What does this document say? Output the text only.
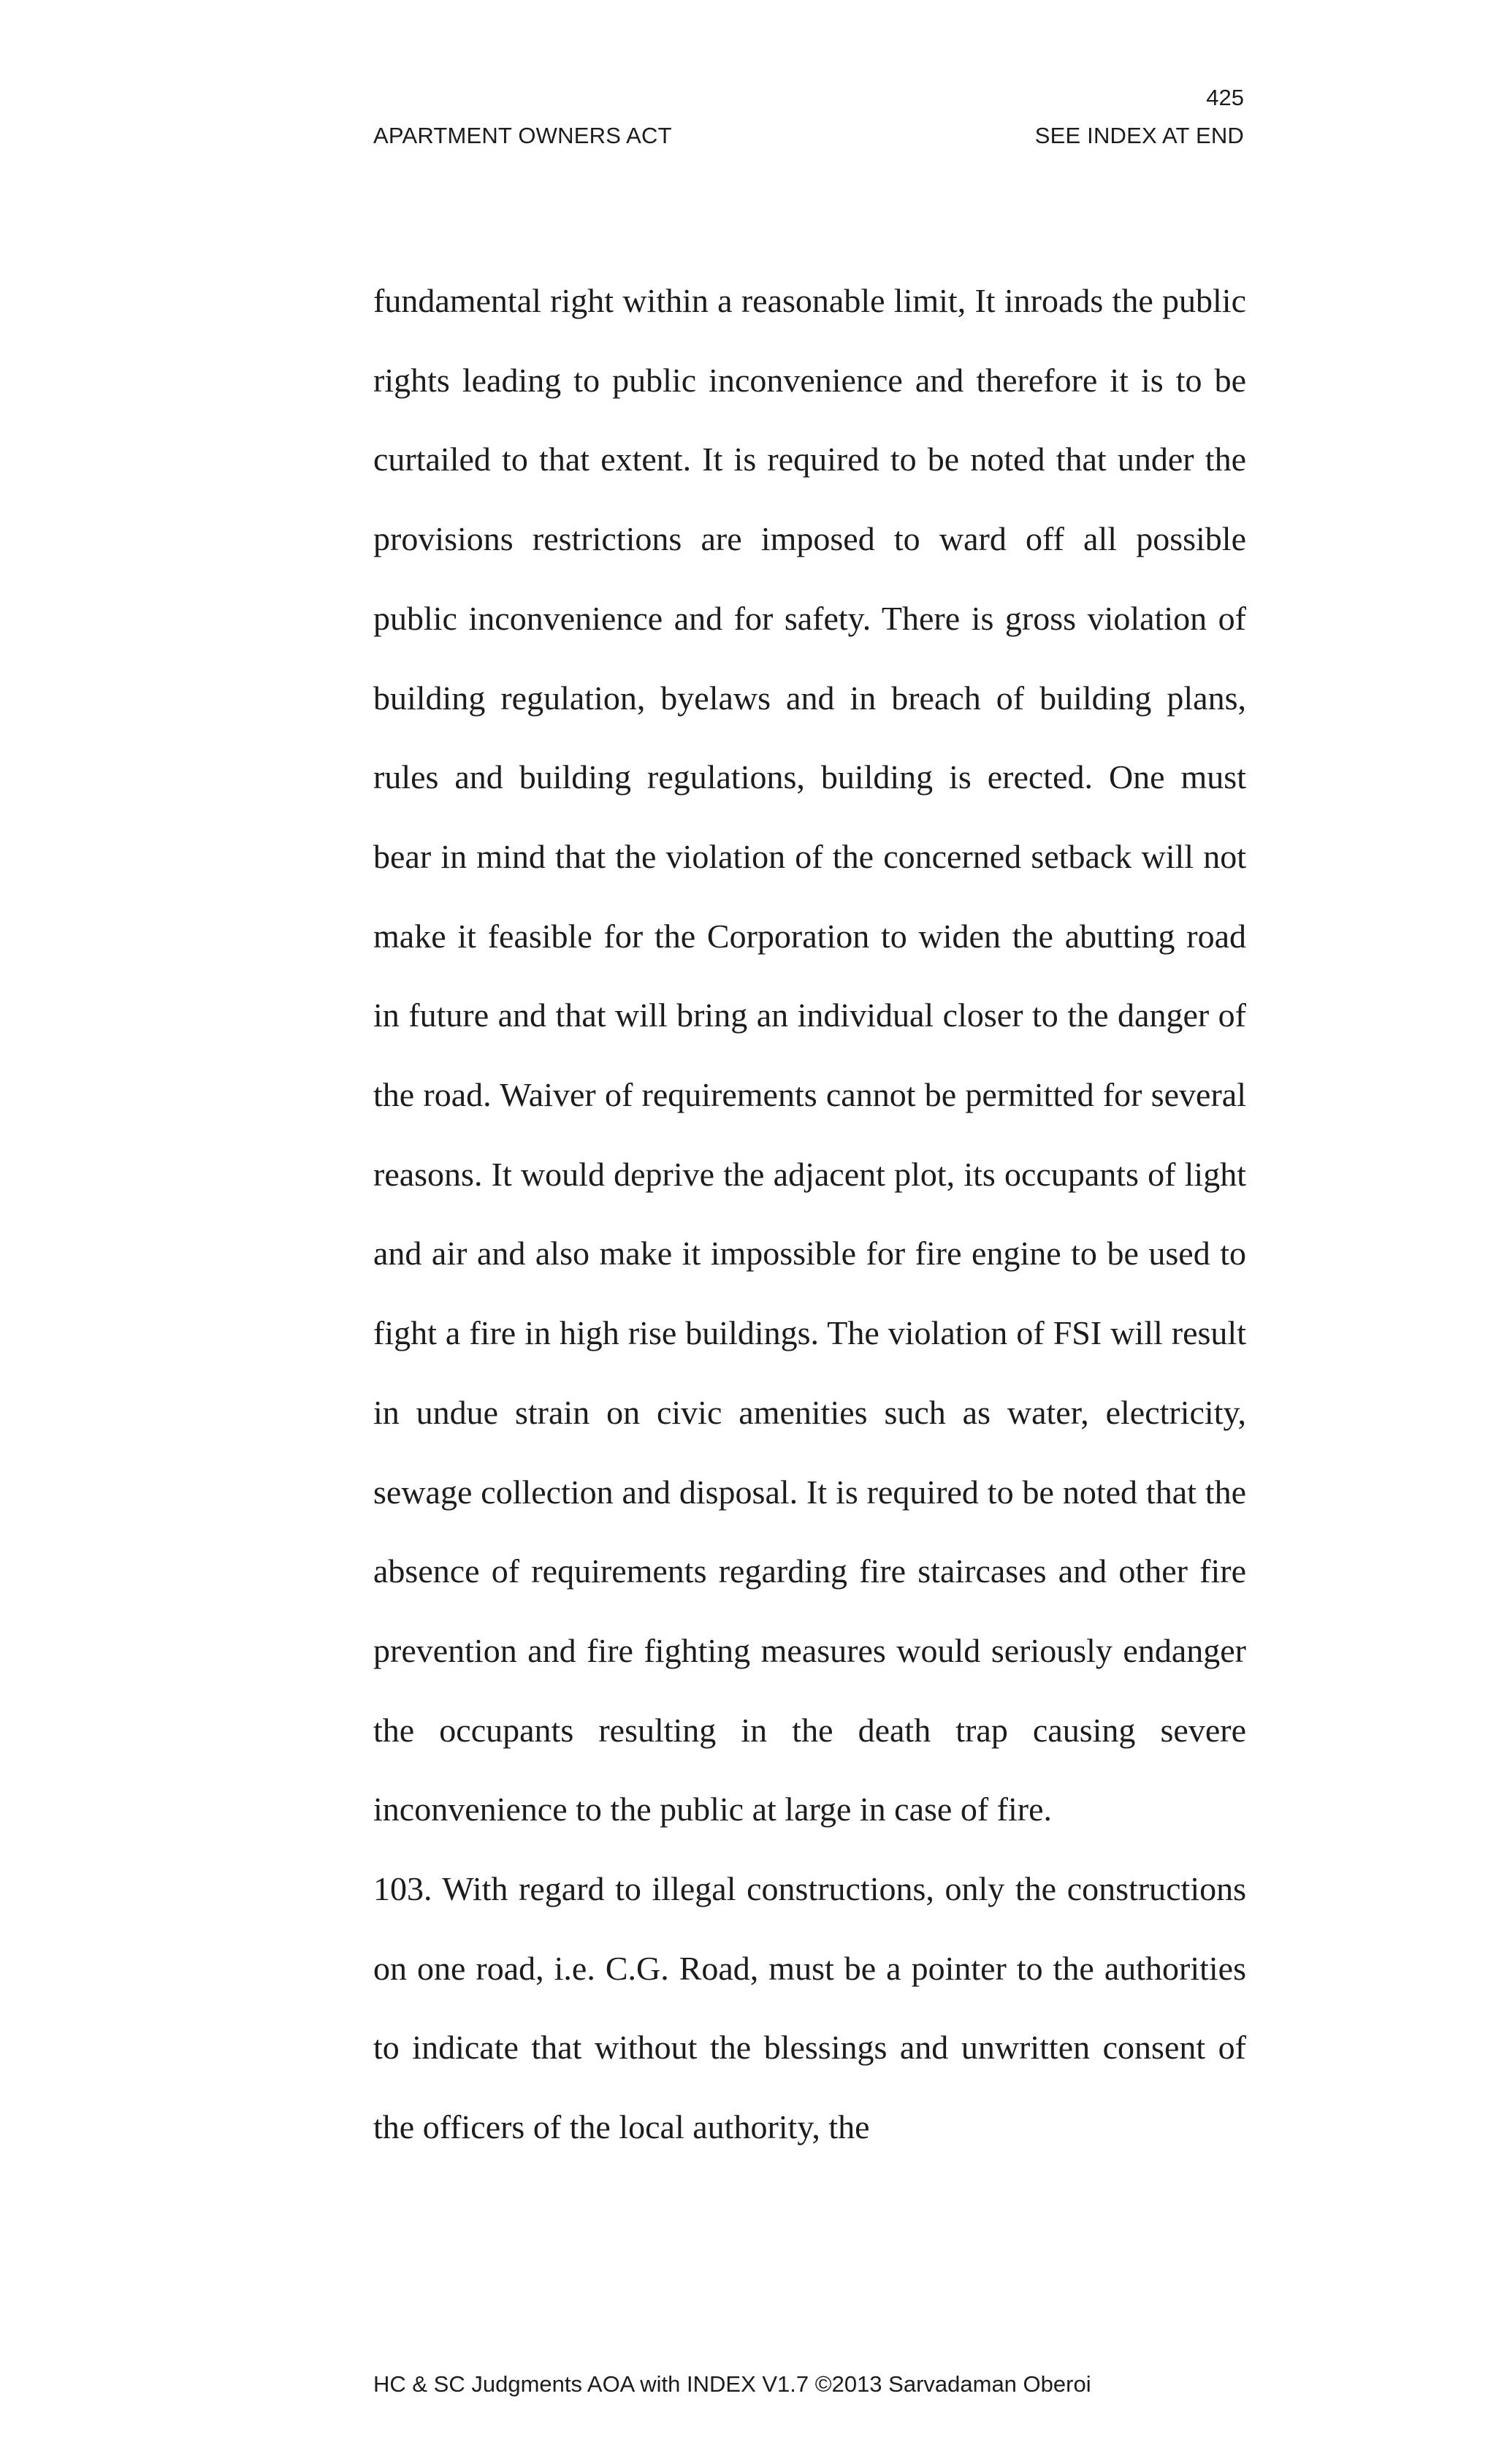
425
APARTMENT OWNERS ACT	SEE INDEX AT END

fundamental right within a reasonable limit, It inroads the public rights leading to public inconvenience and therefore it is to be curtailed to that extent. It is required to be noted that under the provisions restrictions are imposed to ward off all possible public inconvenience and for safety. There is gross violation of building regulation, byelaws and in breach of building plans, rules and building regulations, building is erected. One must bear in mind that the violation of the concerned setback will not make it feasible for the Corporation to widen the abutting road in future and that will bring an individual closer to the danger of the road. Waiver of requirements cannot be permitted for several reasons. It would deprive the adjacent plot, its occupants of light and air and also make it impossible for fire engine to be used to fight a fire in high rise buildings. The violation of FSI will result in undue strain on civic amenities such as water, electricity, sewage collection and disposal. It is required to be noted that the absence of requirements regarding fire staircases and other fire prevention and fire fighting measures would seriously endanger the occupants resulting in the death trap causing severe inconvenience to the public at large in case of fire.

103. With regard to illegal constructions, only the constructions on one road, i.e. C.G. Road, must be a pointer to the authorities to indicate that without the blessings and unwritten consent of the officers of the local authority, the

HC & SC Judgments AOA with INDEX V1.7 ©2013 Sarvadaman Oberoi
